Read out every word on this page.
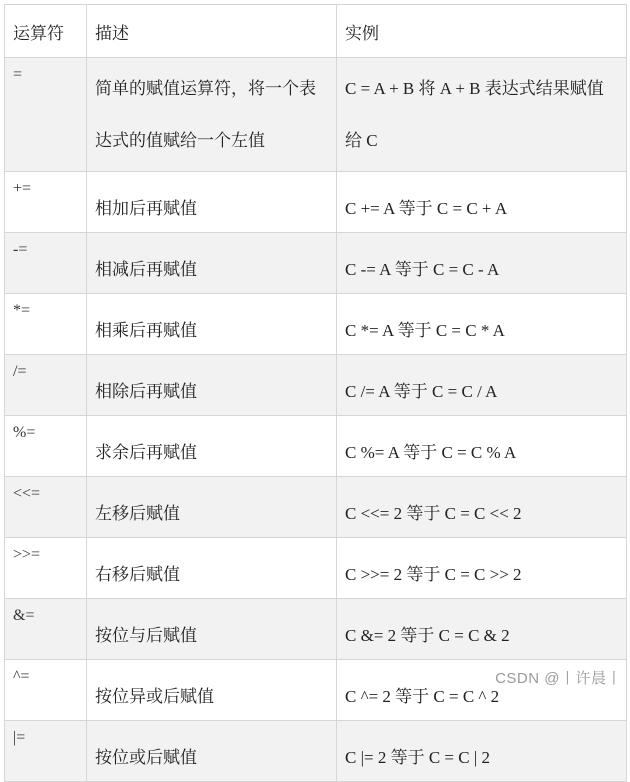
运算符	描述	实例
=	简单的赋值运算符，将一个表达式的值赋给一个左值	C = A + B 将 A + B 表达式结果赋值给 C
+=	相加后再赋值	C += A 等于 C = C + A
-=	相减后再赋值	C -= A 等于 C = C - A
*=	相乘后再赋值	C *= A 等于 C = C * A
/=	相除后再赋值	C /= A 等于 C = C / A
%=	求余后再赋值	C %= A 等于 C = C % A
<<=	左移后赋值	C <<= 2 等于 C = C << 2
>>=	右移后赋值	C >>= 2 等于 C = C >> 2
&=	按位与后赋值	C &= 2 等于 C = C & 2
^=	按位异或后赋值	C ^= 2 等于 C = C ^ 2
|=	按位或后赋值	C |= 2 等于 C = C | 2
CSDN @丨许晨丨
